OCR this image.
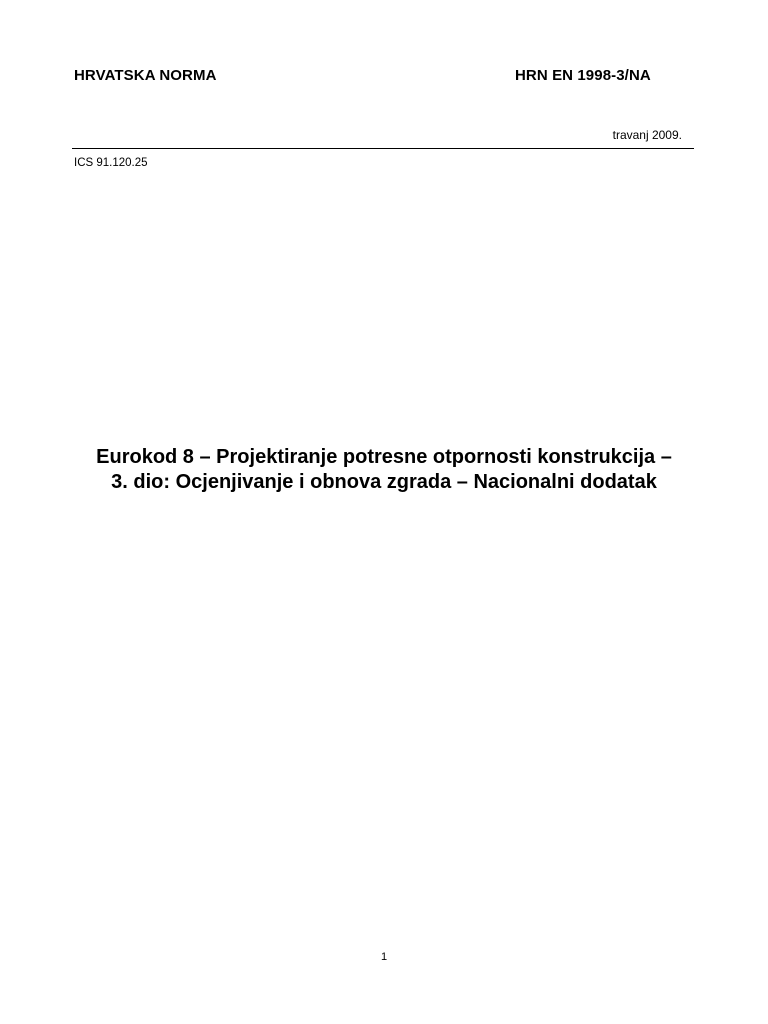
HRVATSKA NORMA	HRN EN 1998-3/NA
travanj 2009.
ICS 91.120.25
Eurokod 8 – Projektiranje potresne otpornosti konstrukcija –
3. dio: Ocjenjivanje i obnova zgrada – Nacionalni dodatak
1
